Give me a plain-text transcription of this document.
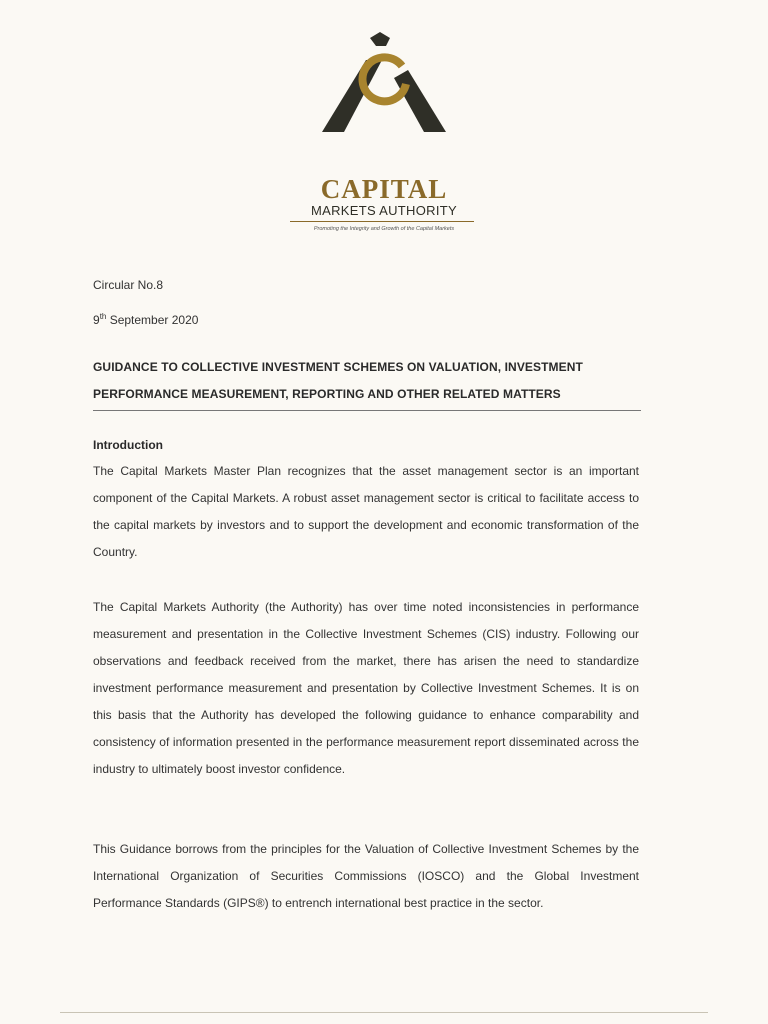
CAPITAL
MARKETS AUTHORITY
Promoting the Integrity and Growth of the Capital Markets
Circular No.8
9th September 2020
GUIDANCE TO COLLECTIVE INVESTMENT SCHEMES ON VALUATION, INVESTMENT PERFORMANCE MEASUREMENT, REPORTING AND OTHER RELATED MATTERS
Introduction
The Capital Markets Master Plan recognizes that the asset management sector is an important component of the Capital Markets. A robust asset management sector is critical to facilitate access to the capital markets by investors and to support the development and economic transformation of the Country.
The Capital Markets Authority (the Authority) has over time noted inconsistencies in performance measurement and presentation in the Collective Investment Schemes (CIS) industry. Following our observations and feedback received from the market, there has arisen the need to standardize investment performance measurement and presentation by Collective Investment Schemes. It is on this basis that the Authority has developed the following guidance to enhance comparability and consistency of information presented in the performance measurement report disseminated across the industry to ultimately boost investor confidence.
This Guidance borrows from the principles for the Valuation of Collective Investment Schemes by the International Organization of Securities Commissions (IOSCO) and the Global Investment Performance Standards (GIPS®) to entrench international best practice in the sector.
